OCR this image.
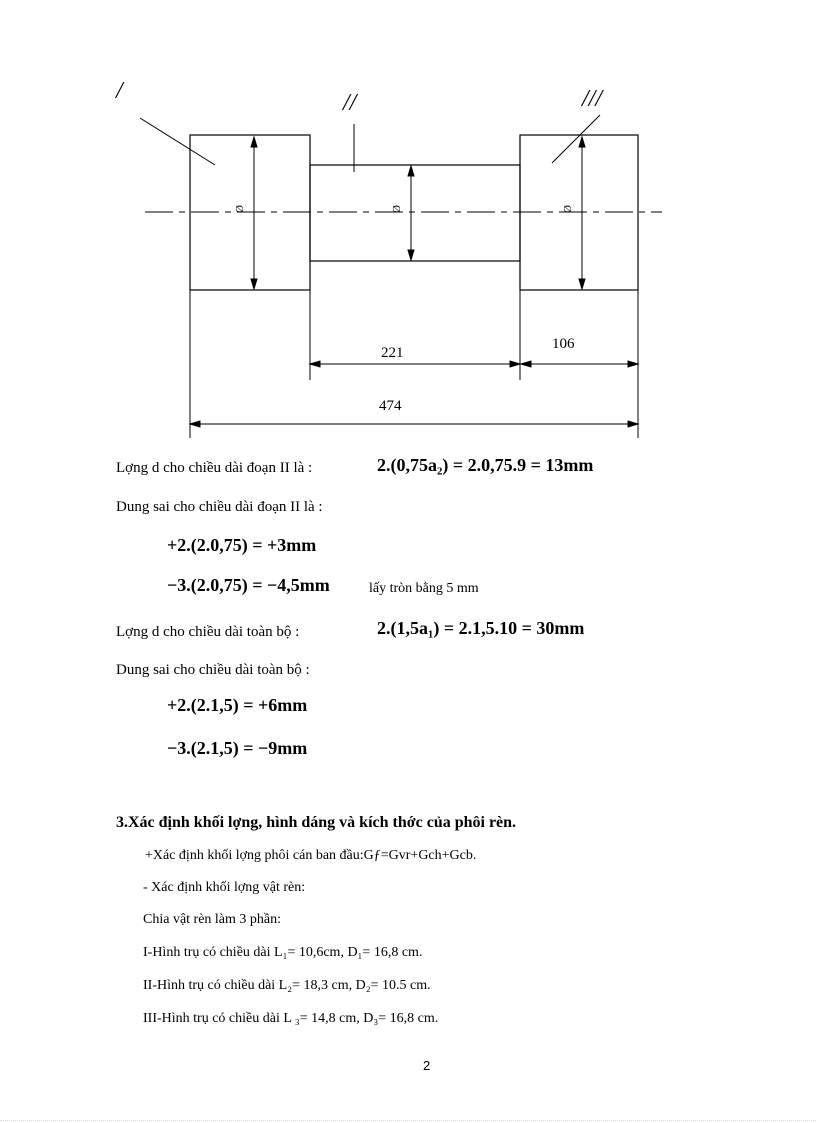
Ø	Ø	Ø
/	//	///
221
106
474
Lợng d cho chiều dài đoạn II là :	2.(0,75a₂) = 2.0,75.9 = 13mm
Dung sai cho chiều dài đoạn II là :
+2.(2.0,75) = +3mm
−3.(2.0,75) = −4,5mm	lấy tròn bằng 5 mm
Lợng d cho chiều dài toàn bộ :	2.(1,5a₁) = 2.1,5.10 = 30mm
Dung sai cho chiều dài toàn bộ :
+2.(2.1,5) = +6mm
−3.(2.1,5) = −9mm
3.Xác định khối lợng, hình dáng và kích thớc của phôi rèn.
+Xác định khối lợng phôi cán ban đầu:Gƒ=Gvr+Gch+Gcb.
- Xác định khối lợng vật rèn:
Chia vật rèn làm 3 phần:
I-Hình trụ có chiều dài L₁= 10,6cm, D₁= 16,8 cm.
II-Hình trụ có chiều dài L₂= 18,3 cm, D₂= 10.5 cm.
III-Hình trụ có chiều dài L ₃= 14,8 cm, D₃= 16,8 cm.
2
